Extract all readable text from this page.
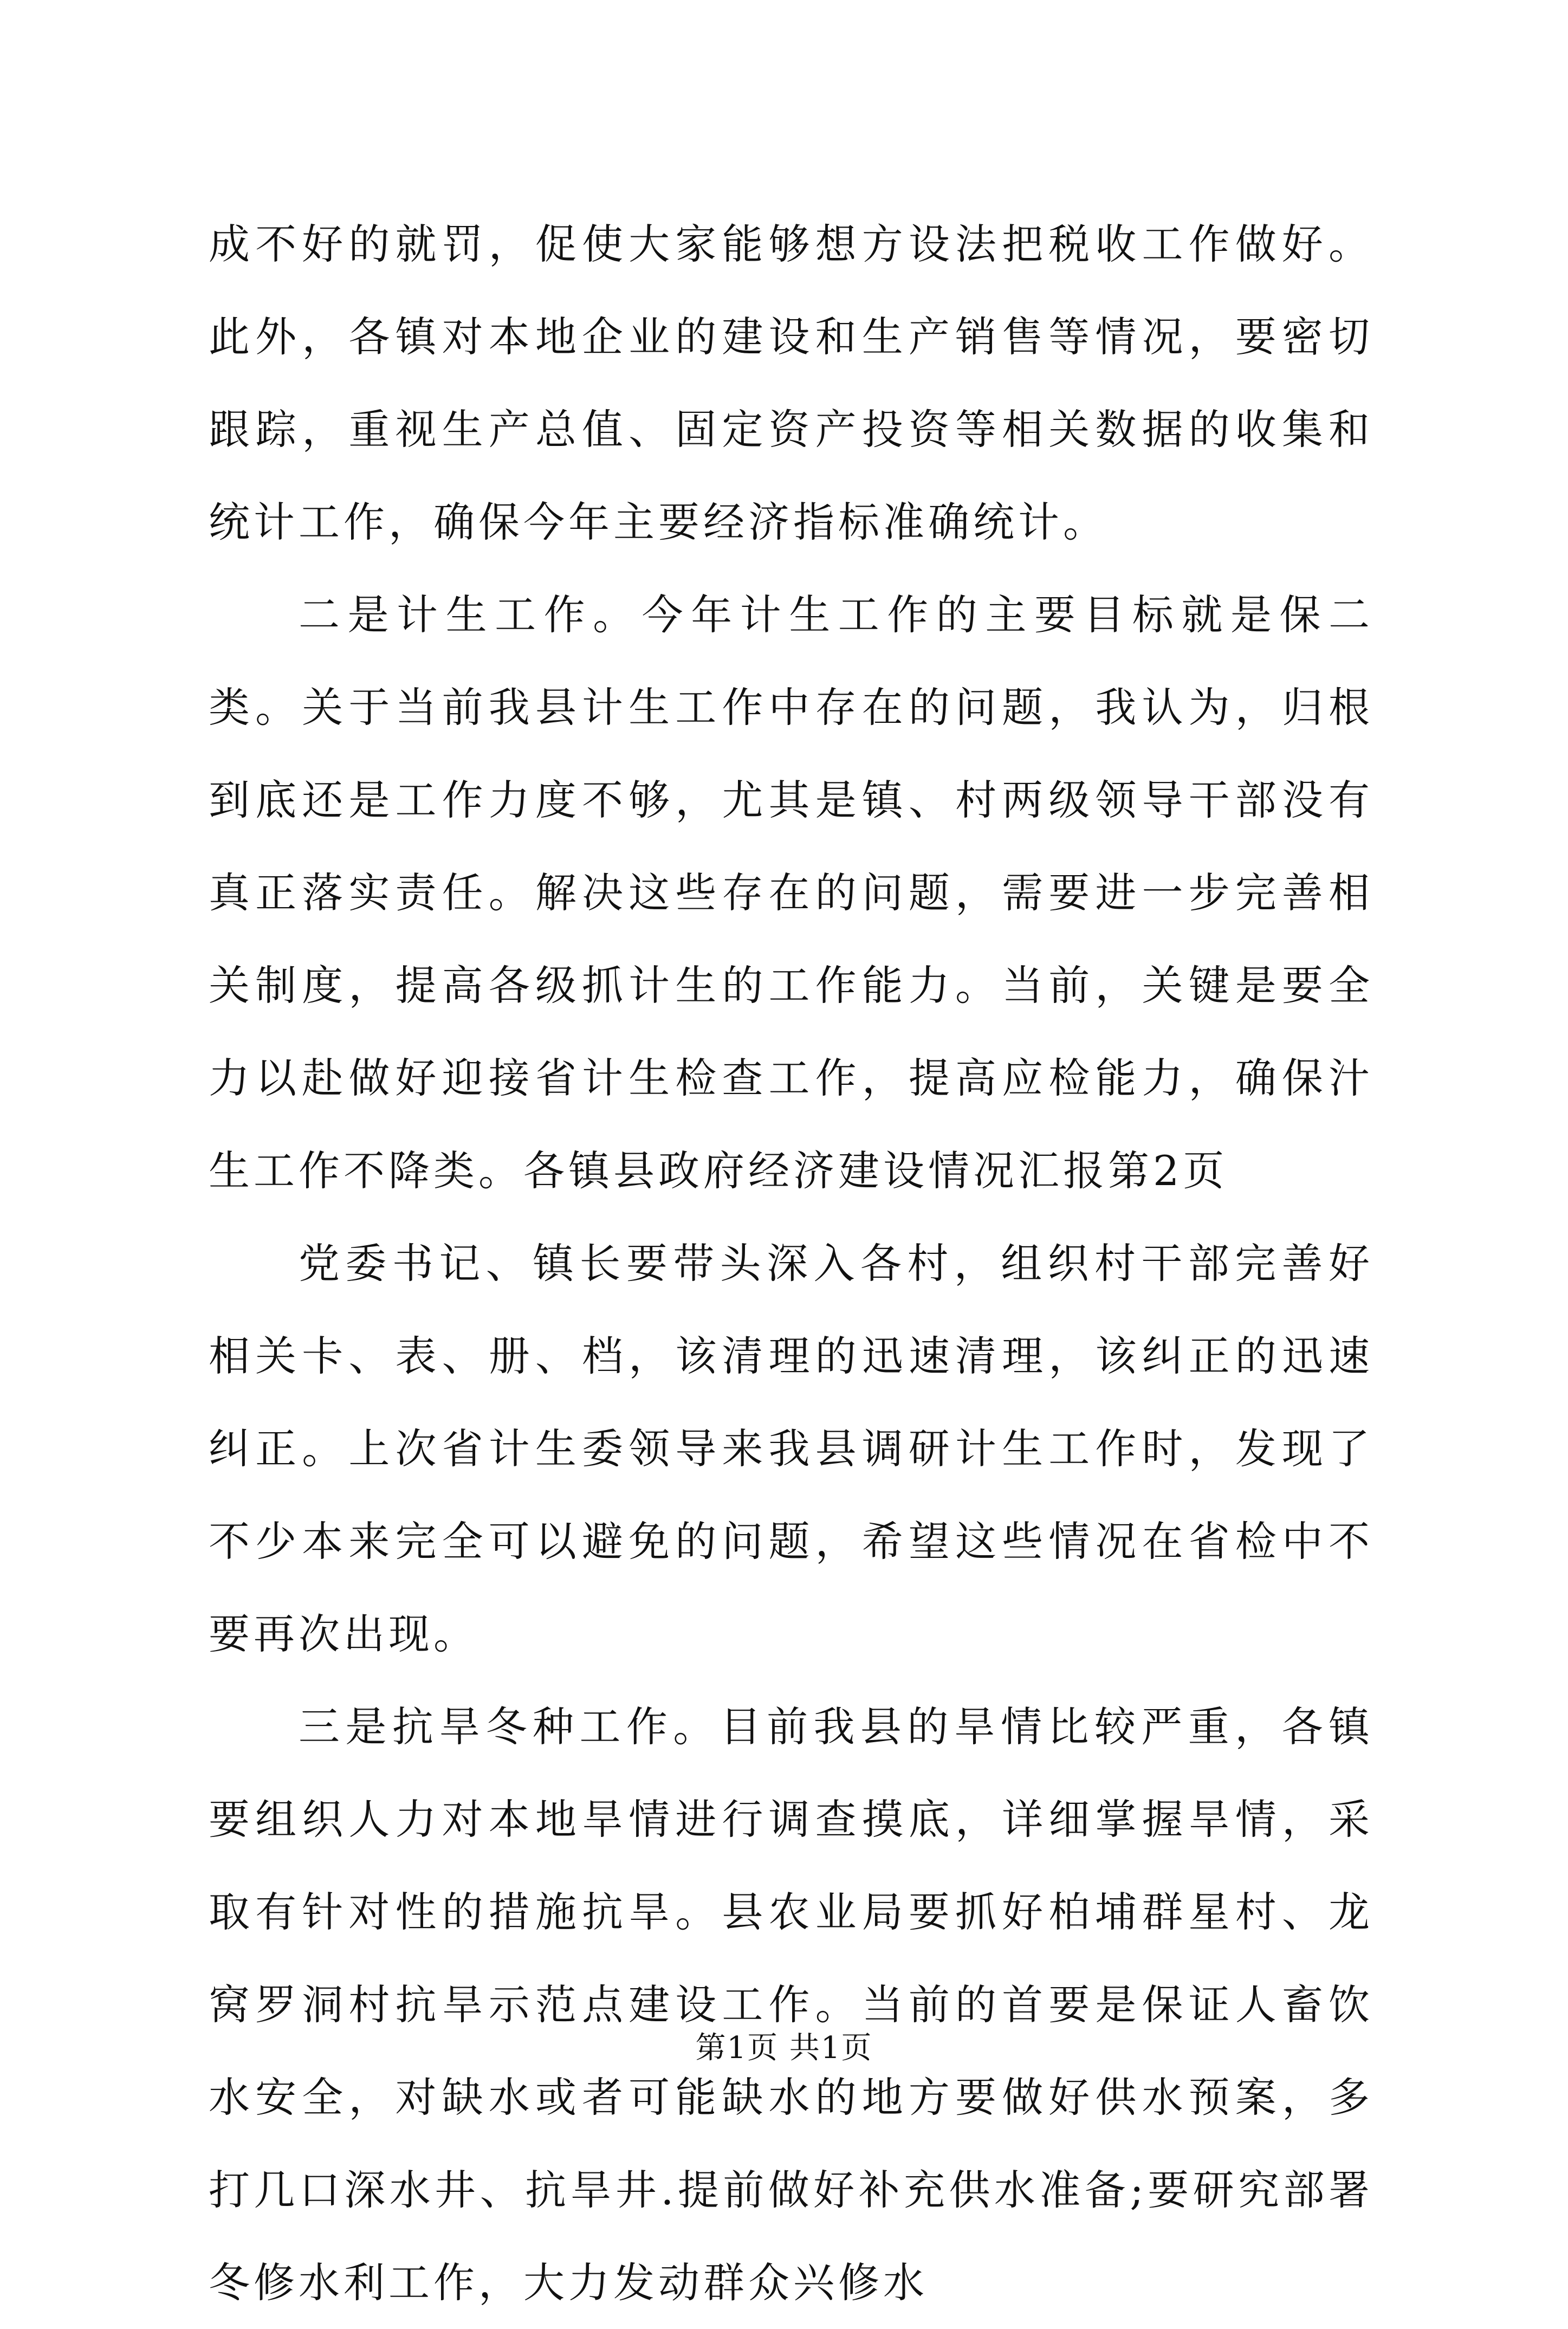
成不好的就罚，促使大家能够想方设法把税收工作做好。此外，各镇对本地企业的建设和生产销售等情况，要密切跟踪，重视生产总值、固定资产投资等相关数据的收集和统计工作，确保今年主要经济指标准确统计。

二是计生工作。今年计生工作的主要目标就是保二类。关于当前我县计生工作中存在的问题，我认为，归根到底还是工作力度不够，尤其是镇、村两级领导干部没有真正落实责任。解决这些存在的问题，需要进一步完善相关制度，提高各级抓计生的工作能力。当前，关键是要全力以赴做好迎接省计生检查工作，提高应检能力，确保汁生工作不降类。各镇县政府经济建设情况汇报第2页

党委书记、镇长要带头深入各村，组织村干部完善好相关卡、表、册、档，该清理的迅速清理，该纠正的迅速纠正。上次省计生委领导来我县调研计生工作时，发现了不少本来完全可以避免的问题，希望这些情况在省检中不要再次出现。

三是抗旱冬种工作。目前我县的旱情比较严重，各镇要组织人力对本地旱情进行调查摸底，详细掌握旱情，采取有针对性的措施抗旱。县农业局要抓好柏埔群星村、龙窝罗洞村抗旱示范点建设工作。当前的首要是保证人畜饮水安全，对缺水或者可能缺水的地方要做好供水预案，多打几口深水井、抗旱井.提前做好补充供水准备;要研究部署冬修水利工作，大力发动群众兴修水

第1页 共1页
